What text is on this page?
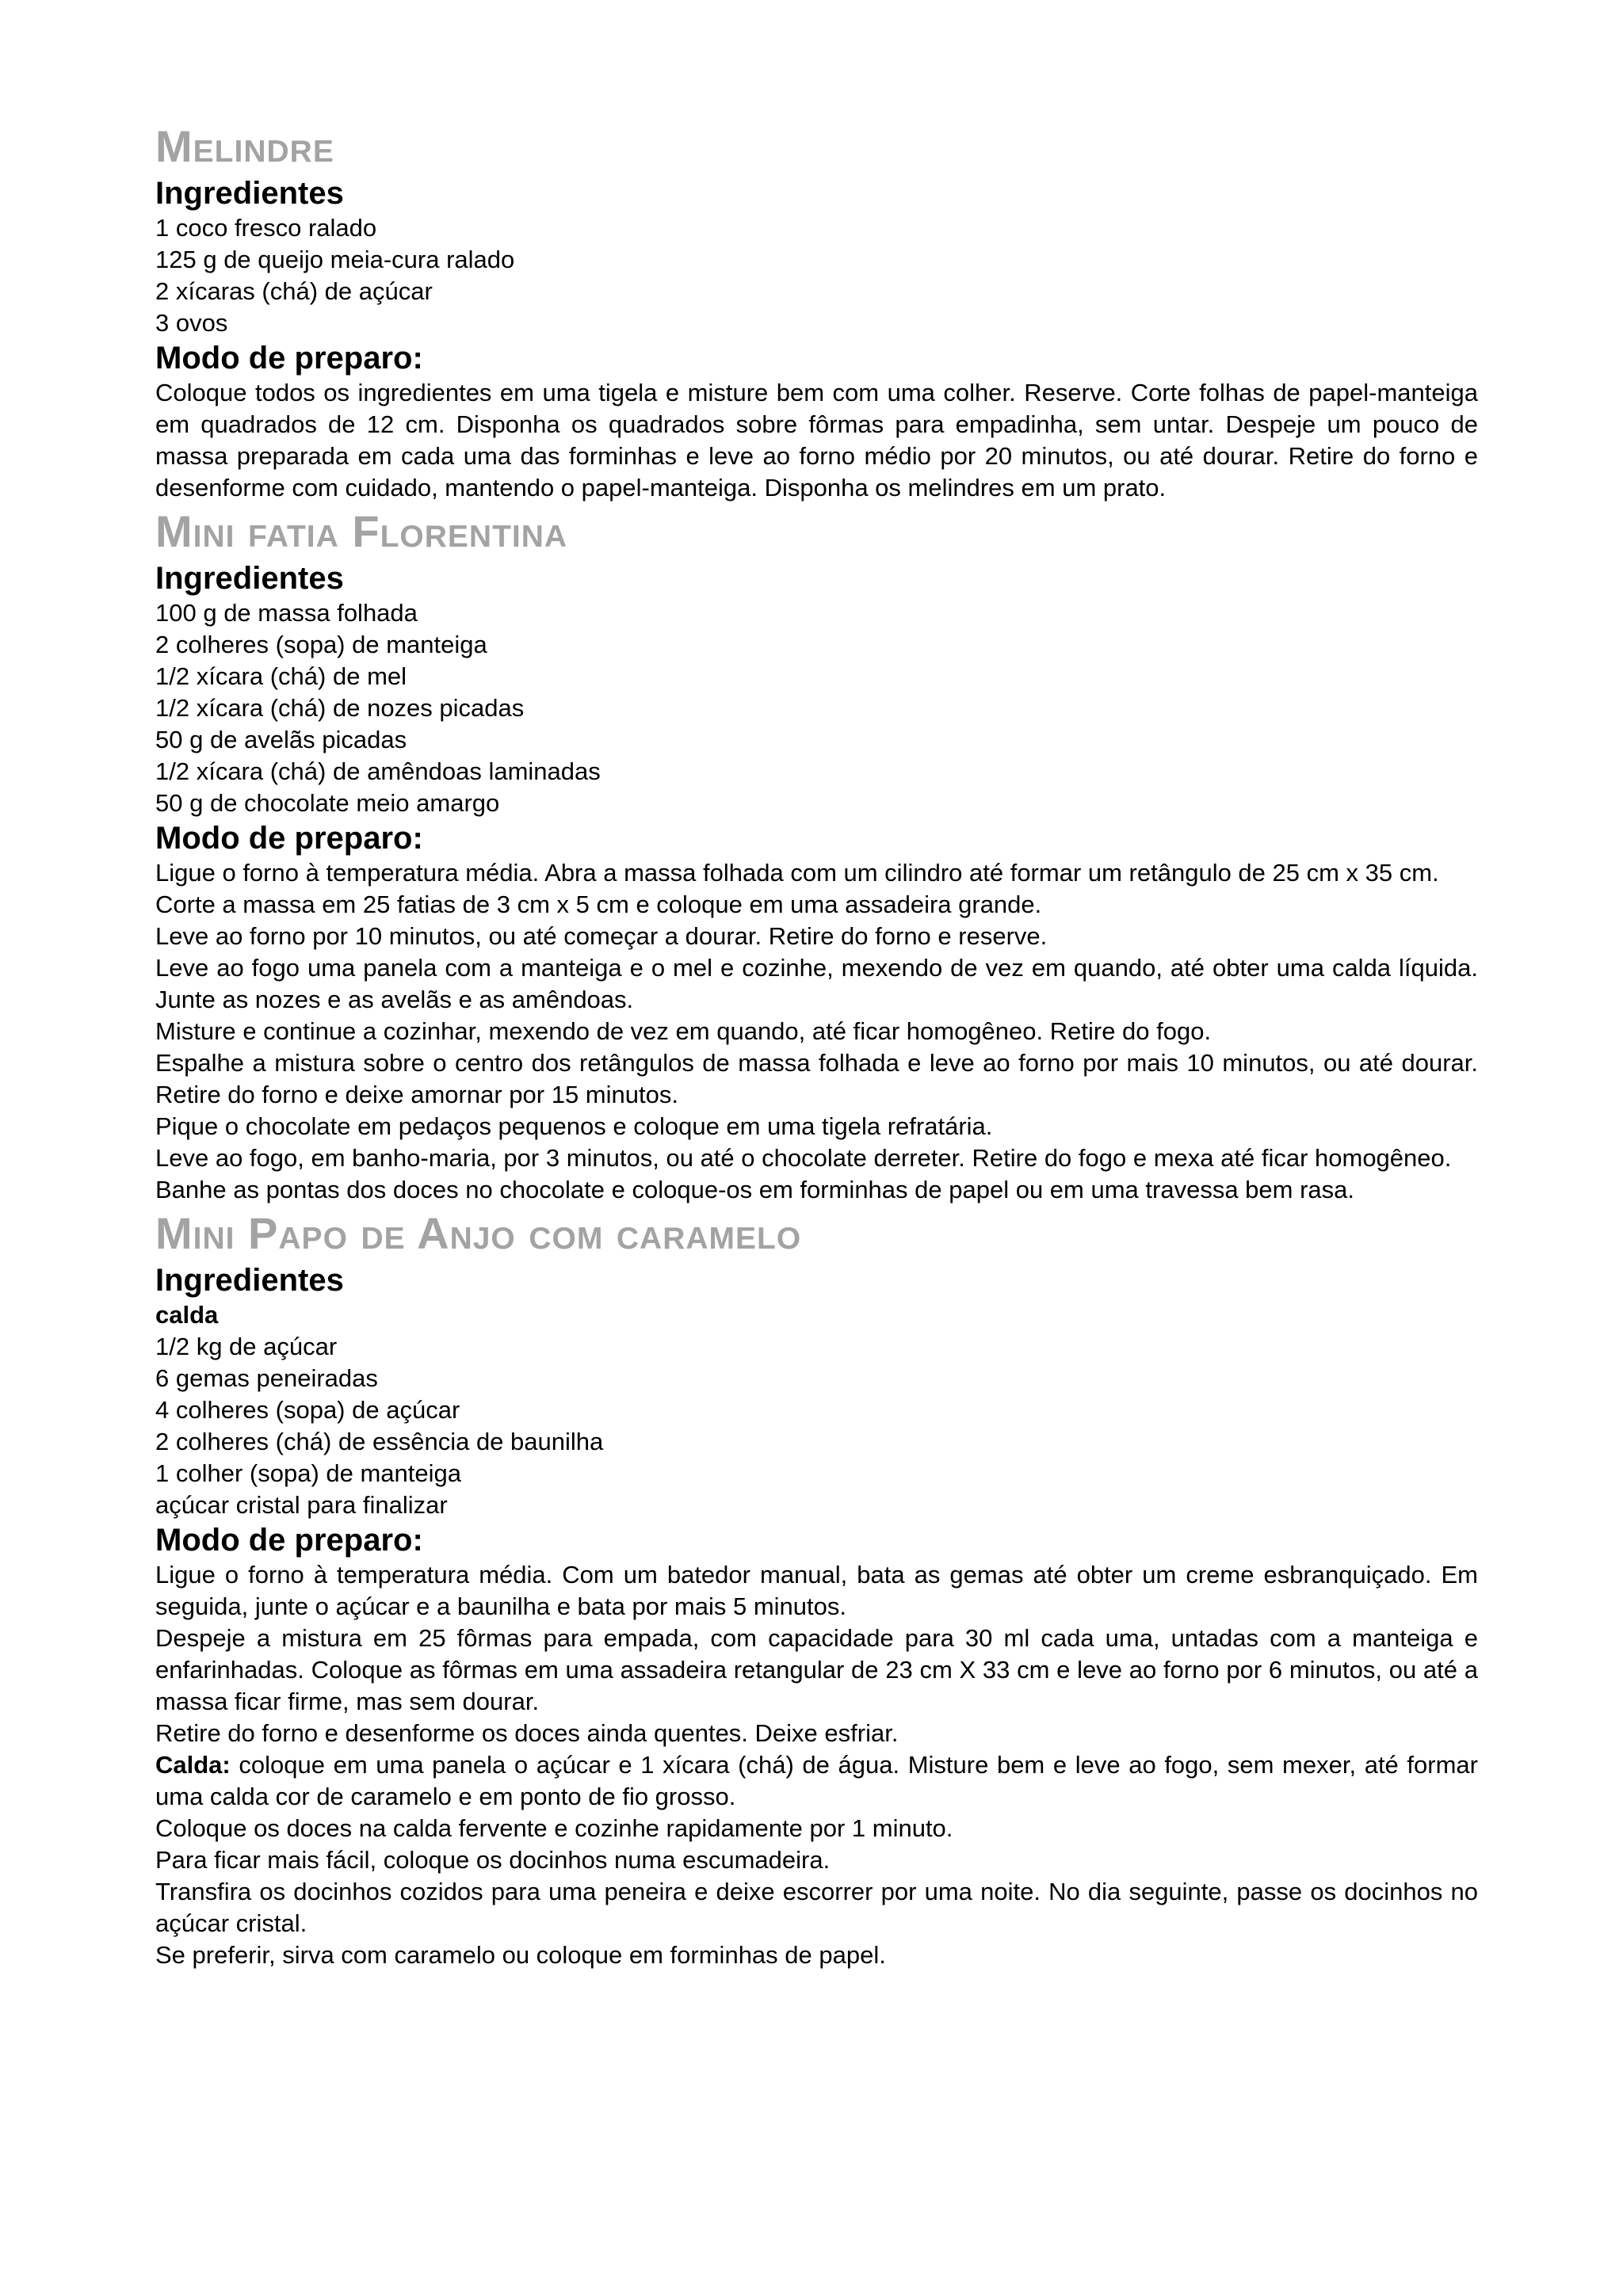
Melindre
Ingredientes

1 coco fresco ralado

125 g de queijo meia-cura ralado

2 xícaras (chá) de açúcar

3 ovos

Modo de preparo:

Coloque todos os ingredientes em uma tigela e misture bem com uma colher. Reserve. Corte folhas de papel-manteiga em quadrados de 12 cm. Disponha os quadrados sobre fôrmas para empadinha, sem untar. Despeje um pouco de massa preparada em cada uma das forminhas e leve ao forno médio por 20 minutos, ou até dourar. Retire do forno e desenforme com cuidado, mantendo o papel-manteiga. Disponha os melindres em um prato.

Mini fatia Florentina
Ingredientes

100 g de massa folhada

2 colheres (sopa) de manteiga

1/2 xícara (chá) de mel

1/2 xícara (chá) de nozes picadas

50 g de avelãs picadas

1/2 xícara (chá) de amêndoas laminadas

50 g de chocolate meio amargo

Modo de preparo:

Ligue o forno à temperatura média. Abra a massa folhada com um cilindro até formar um retângulo de 25 cm x 35 cm.

Corte a massa em 25 fatias de 3 cm x 5 cm e coloque em uma assadeira grande.

Leve ao forno por 10 minutos, ou até começar a dourar. Retire do forno e reserve.

Leve ao fogo uma panela com a manteiga e o mel e cozinhe, mexendo de vez em quando, até obter uma calda líquida. Junte as nozes e as avelãs e as amêndoas.

Misture e continue a cozinhar, mexendo de vez em quando, até ficar homogêneo. Retire do fogo.

Espalhe a mistura sobre o centro dos retângulos de massa folhada e leve ao forno por mais 10 minutos, ou até dourar. Retire do forno e deixe amornar por 15 minutos.

Pique o chocolate em pedaços pequenos e coloque em uma tigela refratária.

Leve ao fogo, em banho-maria, por 3 minutos, ou até o chocolate derreter. Retire do fogo e mexa até ficar homogêneo.

Banhe as pontas dos doces no chocolate e coloque-os em forminhas de papel ou em uma travessa bem rasa.

Mini Papo de Anjo com caramelo
Ingredientes

calda

1/2 kg de açúcar

6 gemas peneiradas

4 colheres (sopa) de açúcar

2 colheres (chá) de essência de baunilha

1 colher (sopa) de manteiga

açúcar cristal para finalizar

Modo de preparo:

Ligue o forno à temperatura média. Com um batedor manual, bata as gemas até obter um creme esbranquiçado. Em seguida, junte o açúcar e a baunilha e bata por mais 5 minutos.

Despeje a mistura em 25 fôrmas para empada, com capacidade para 30 ml cada uma, untadas com a manteiga e enfarinhadas. Coloque as fôrmas em uma assadeira retangular de 23 cm X 33 cm e leve ao forno por 6 minutos, ou até a massa ficar firme, mas sem dourar.

Retire do forno e desenforme os doces ainda quentes. Deixe esfriar.

Calda: coloque em uma panela o açúcar e 1 xícara (chá) de água. Misture bem e leve ao fogo, sem mexer, até formar uma calda cor de caramelo e em ponto de fio grosso.

Coloque os doces na calda fervente e cozinhe rapidamente por 1 minuto.

Para ficar mais fácil, coloque os docinhos numa escumadeira.

Transfira os docinhos cozidos para uma peneira e deixe escorrer por uma noite. No dia seguinte, passe os docinhos no açúcar cristal.

Se preferir, sirva com caramelo ou coloque em forminhas de papel.
